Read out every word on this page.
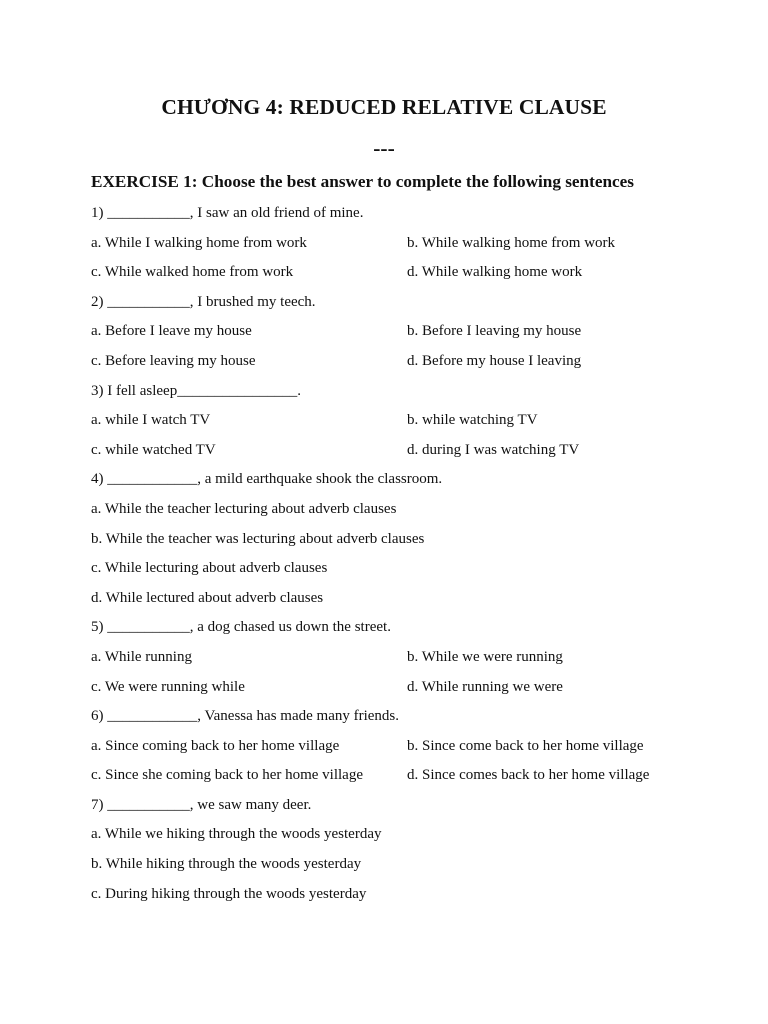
CHƯƠNG 4: REDUCED RELATIVE CLAUSE
---
EXERCISE 1: Choose the best answer to complete the following sentences
1) ___________, I saw an old friend of mine.
a. While I walking home from work	b. While walking home from work
c. While walked home from work	d. While walking home work
2) ___________, I brushed my teech.
a. Before I leave my house	b. Before I leaving my house
c. Before leaving my house	d. Before my house I leaving
3) I fell asleep________________.
a. while I watch TV	b. while watching TV
c. while watched TV	d. during I was watching TV
4) ____________, a mild earthquake shook the classroom.
a. While the teacher lecturing about adverb clauses
b. While the teacher was lecturing about adverb clauses
c. While lecturing about adverb clauses
d. While lectured about adverb clauses
5) ___________, a dog chased us down the street.
a. While running	b. While we were running
c. We were running while	d. While running we were
6) ____________, Vanessa has made many friends.
a. Since coming back to her home village	b. Since come back to her home village
c. Since she coming back to her home village	d. Since comes back to her home village
7) ___________, we saw many deer.
a. While we hiking through the woods yesterday
b. While hiking through the woods yesterday
c. During hiking through the woods yesterday
